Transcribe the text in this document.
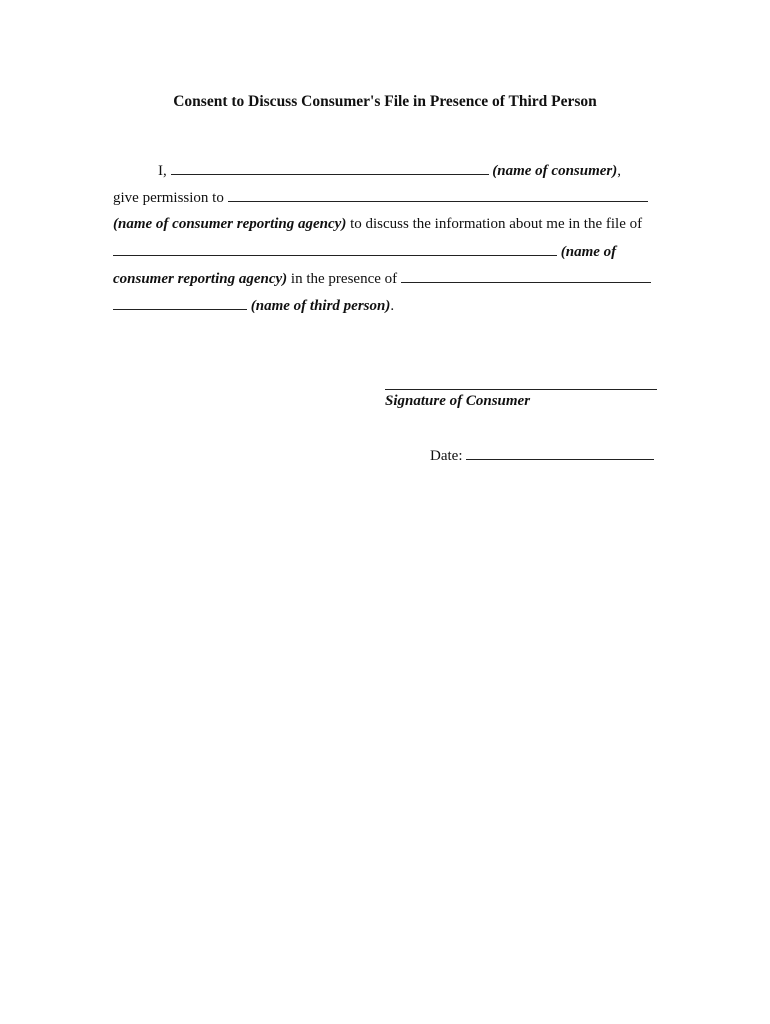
Consent to Discuss Consumer's File in Presence of Third Person
I,	(name of consumer),
give permission to
(name of consumer reporting agency) to discuss the information about me in the file of
(name of
consumer reporting agency) in the presence of
(name of third person).
Signature of Consumer
Date:
